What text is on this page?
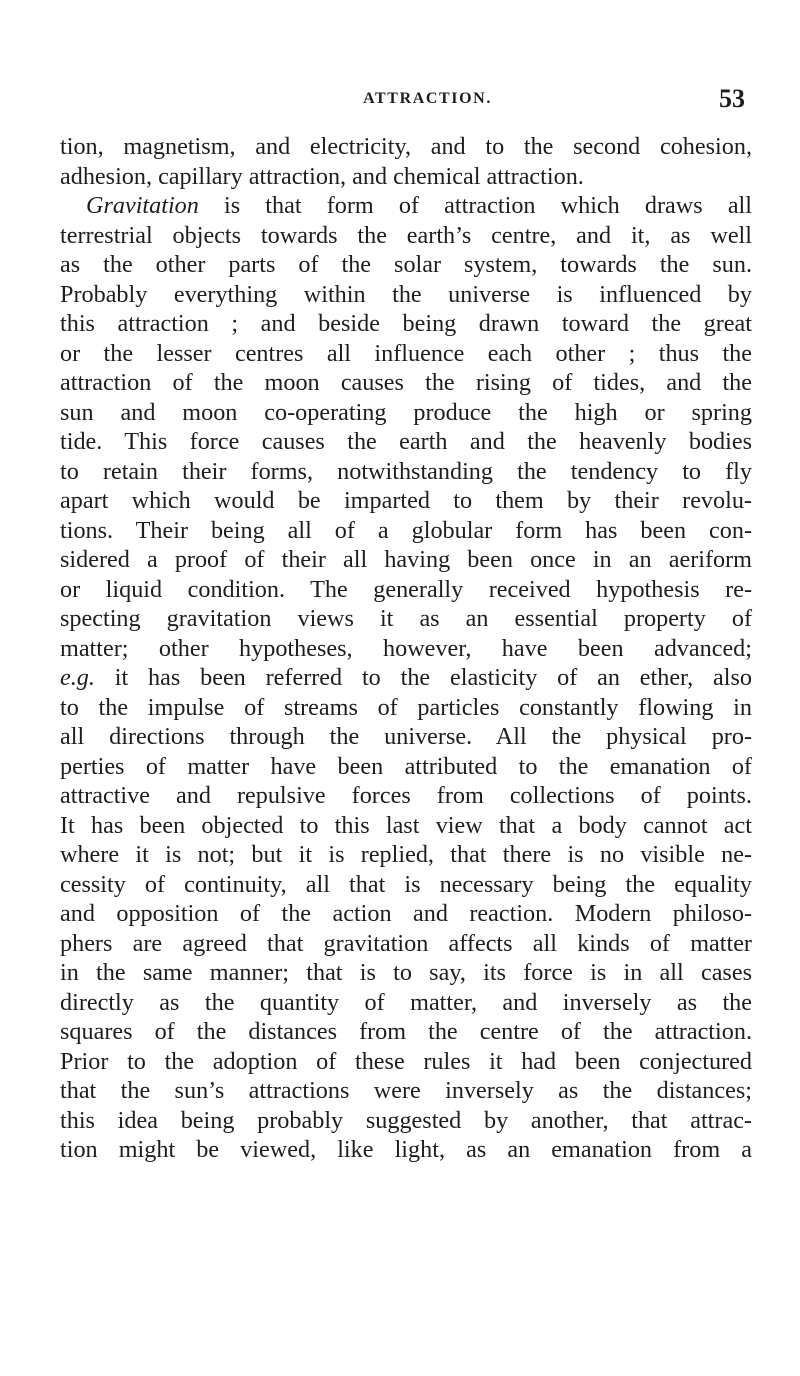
ATTRACTION.	53
tion, magnetism, and electricity, and to the second cohesion,
adhesion, capillary attraction, and chemical attraction.
Gravitation is that form of attraction which draws all
terrestrial objects towards the earth’s centre, and it, as well
as the other parts of the solar system, towards the sun.
Probably everything within the universe is influenced by
this attraction ; and beside being drawn toward the great
or the lesser centres all influence each other ; thus the
attraction of the moon causes the rising of tides, and the
sun and moon co-operating produce the high or spring
tide. This force causes the earth and the heavenly bodies
to retain their forms, notwithstanding the tendency to fly
apart which would be imparted to them by their revolu-
tions. Their being all of a globular form has been con-
sidered a proof of their all having been once in an aeriform
or liquid condition. The generally received hypothesis re-
specting gravitation views it as an essential property of
matter; other hypotheses, however, have been advanced;
e.g. it has been referred to the elasticity of an ether, also
to the impulse of streams of particles constantly flowing in
all directions through the universe. All the physical pro-
perties of matter have been attributed to the emanation of
attractive and repulsive forces from collections of points.
It has been objected to this last view that a body cannot act
where it is not; but it is replied, that there is no visible ne-
cessity of continuity, all that is necessary being the equality
and opposition of the action and reaction. Modern philoso-
phers are agreed that gravitation affects all kinds of matter
in the same manner; that is to say, its force is in all cases
directly as the quantity of matter, and inversely as the
squares of the distances from the centre of the attraction.
Prior to the adoption of these rules it had been conjectured
that the sun’s attractions were inversely as the distances;
this idea being probably suggested by another, that attrac-
tion might be viewed, like light, as an emanation from a
